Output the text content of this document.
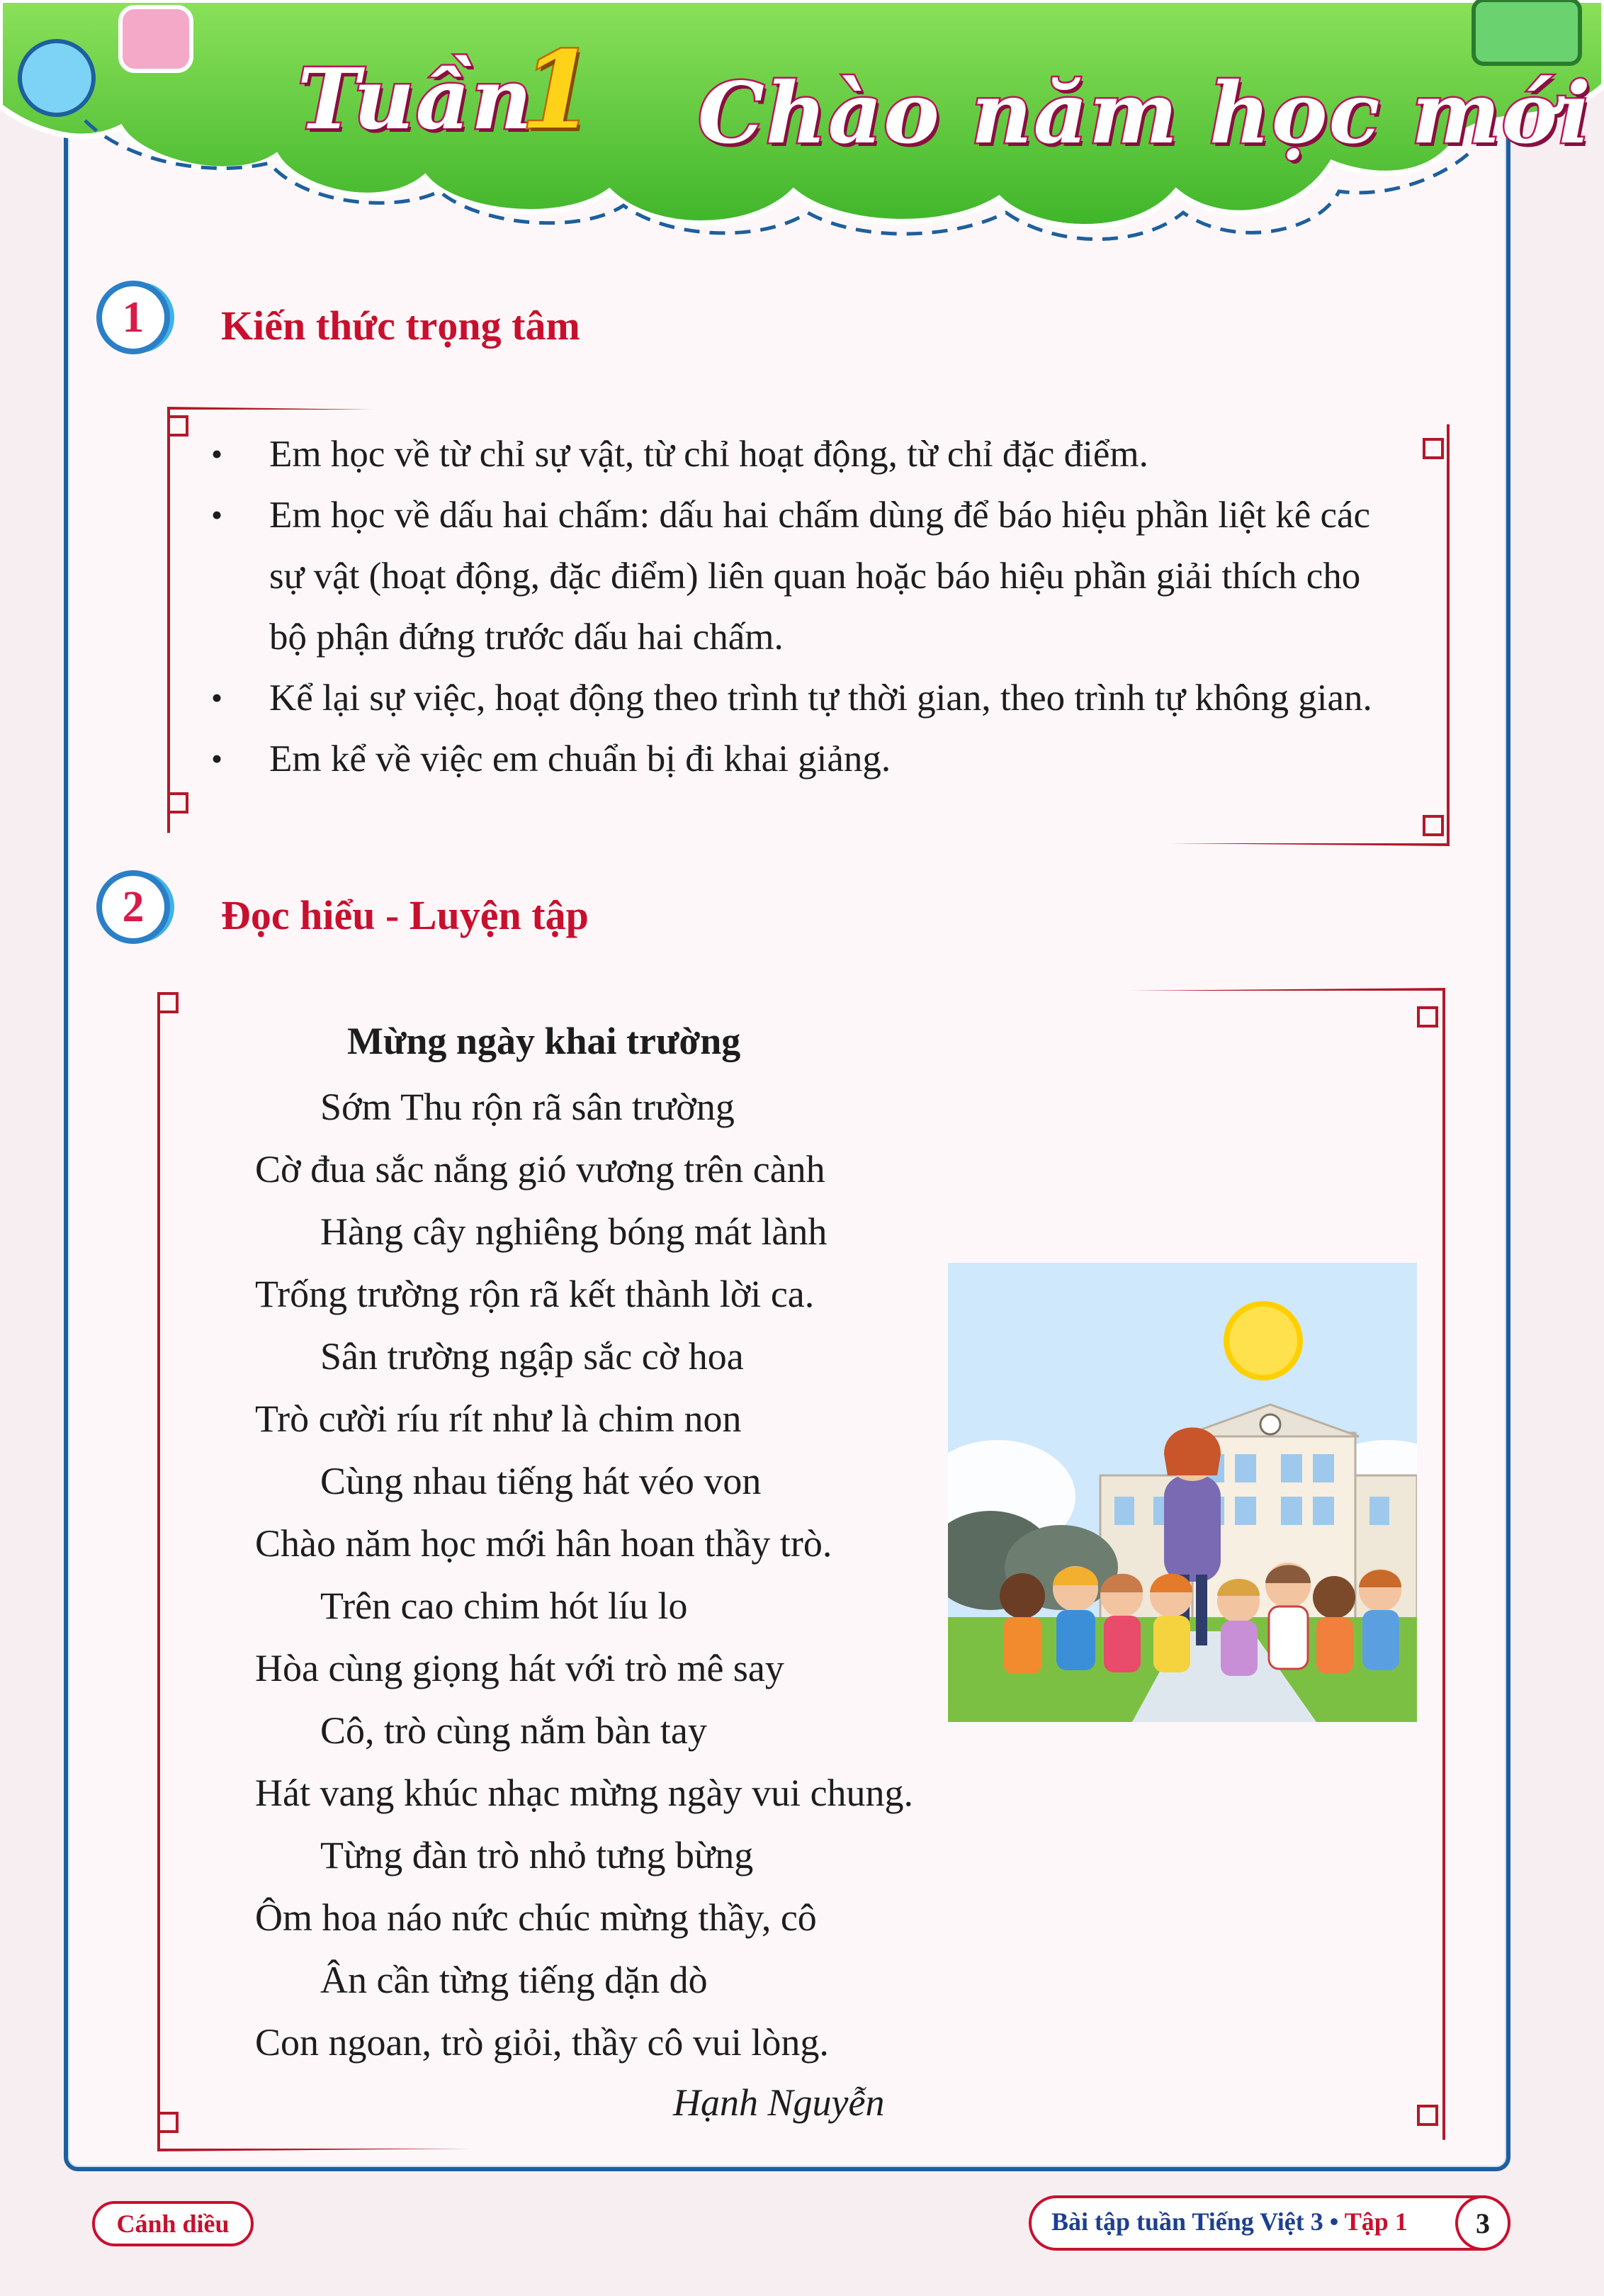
Tuần
1 Chào năm học mới
1	Kiến thức trọng tâm
• Em học về từ chỉ sự vật, từ chỉ hoạt động, từ chỉ đặc điểm.
• Em học về dấu hai chấm: dấu hai chấm dùng để báo hiệu phần liệt kê các
sự vật (hoạt động, đặc điểm) liên quan hoặc báo hiệu phần giải thích cho
bộ phận đứng trước dấu hai chấm.
• Kể lại sự việc, hoạt động theo trình tự thời gian, theo trình tự không gian.
• Em kể về việc em chuẩn bị đi khai giảng.
2	Đọc hiểu - Luyện tập
Mừng ngày khai trường
Sớm Thu rộn rã sân trường
Cờ đua sắc nắng gió vương trên cành
Hàng cây nghiêng bóng mát lành
Trống trường rộn rã kết thành lời ca.
Sân trường ngập sắc cờ hoa
Trò cười ríu rít như là chim non
Cùng nhau tiếng hát véo von
Chào năm học mới hân hoan thầy trò.
Trên cao chim hót líu lo
Hòa cùng giọng hát với trò mê say
Cô, trò cùng nắm bàn tay
Hát vang khúc nhạc mừng ngày vui chung.
Từng đàn trò nhỏ tưng bừng
Ôm hoa náo nức chúc mừng thầy, cô
Ân cần từng tiếng dặn dò
Con ngoan, trò giỏi, thầy cô vui lòng.
Hạnh Nguyễn
Cánh diều	Bài tập tuần Tiếng Việt 3 • Tập 1	3
